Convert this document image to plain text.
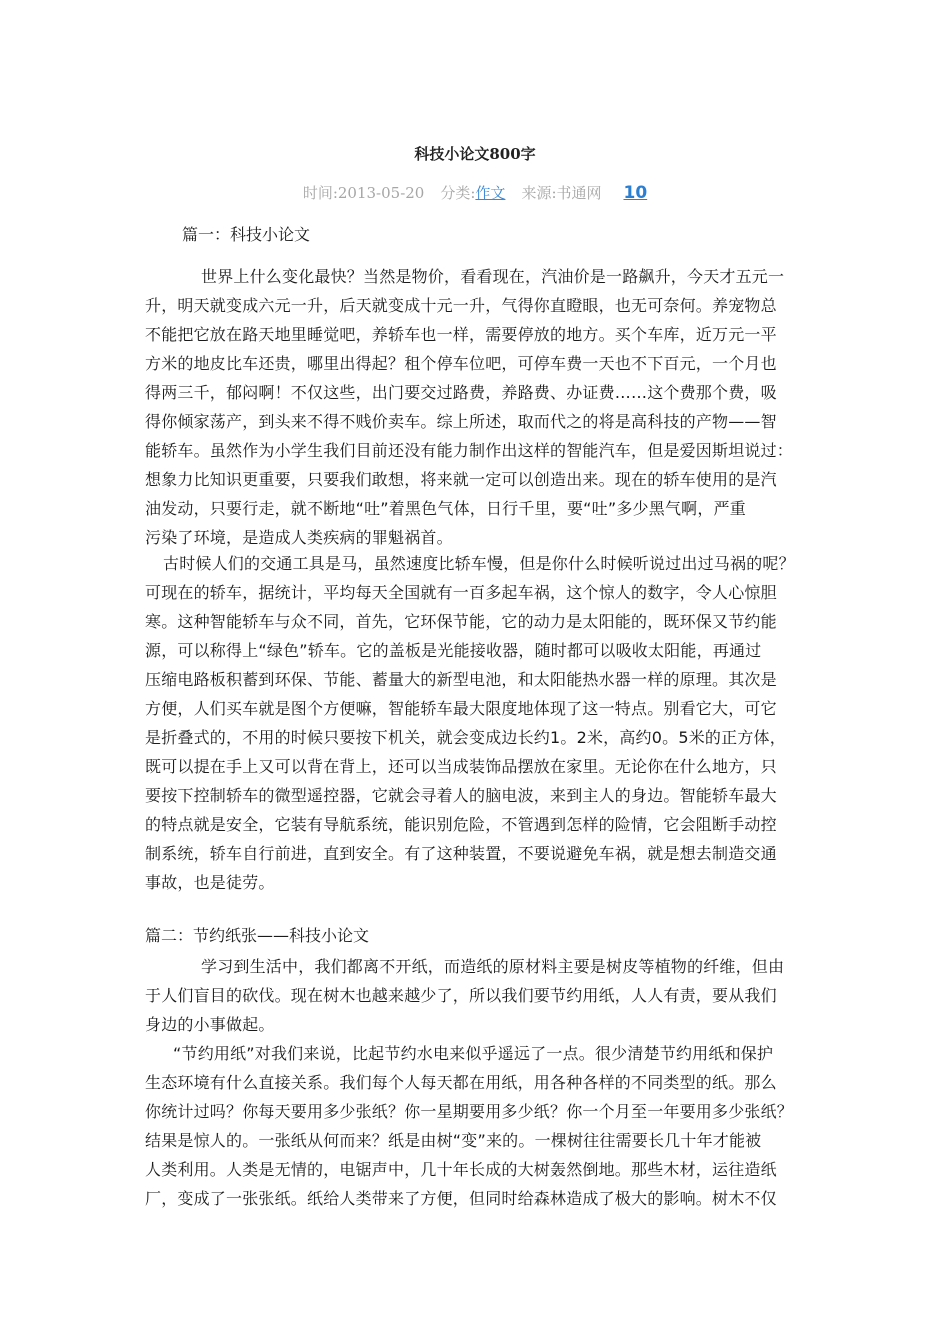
科技小论文800字
时间:2013-05-20 分类:作文 来源:书通网 10
篇一：科技小论文
世界上什么变化最快？当然是物价，看看现在，汽油价是一路飙升，今天才五元一
升，明天就变成六元一升，后天就变成十元一升，气得你直瞪眼，也无可奈何。养宠物总
不能把它放在路天地里睡觉吧，养轿车也一样，需要停放的地方。买个车库，近万元一平
方米的地皮比车还贵，哪里出得起？租个停车位吧，可停车费一天也不下百元，一个月也
得两三千，郁闷啊！不仅这些，出门要交过路费，养路费、办证费……这个费那个费，吸
得你倾家荡产，到头来不得不贱价卖车。综上所述，取而代之的将是高科技的产物——智
能轿车。虽然作为小学生我们目前还没有能力制作出这样的智能汽车，但是爱因斯坦说过：
想象力比知识更重要，只要我们敢想，将来就一定可以创造出来。现在的轿车使用的是汽
油发动，只要行走，就不断地“吐”着黑色气体，日行千里，要“吐”多少黑气啊，严重
污染了环境，是造成人类疾病的罪魁祸首。
古时候人们的交通工具是马，虽然速度比轿车慢，但是你什么时候听说过出过马祸的呢？
可现在的轿车，据统计，平均每天全国就有一百多起车祸，这个惊人的数字，令人心惊胆
寒。这种智能轿车与众不同，首先，它环保节能，它的动力是太阳能的，既环保又节约能
源，可以称得上“绿色”轿车。它的盖板是光能接收器，随时都可以吸收太阳能，再通过
压缩电路板积蓄到环保、节能、蓄量大的新型电池，和太阳能热水器一样的原理。其次是
方便，人们买车就是图个方便嘛，智能轿车最大限度地体现了这一特点。别看它大，可它
是折叠式的，不用的时候只要按下机关，就会变成边长约1。2米，高约0。5米的正方体，
既可以提在手上又可以背在背上，还可以当成装饰品摆放在家里。无论你在什么地方，只
要按下控制轿车的微型遥控器，它就会寻着人的脑电波，来到主人的身边。智能轿车最大
的特点就是安全，它装有导航系统，能识别危险，不管遇到怎样的险情，它会阻断手动控
制系统，轿车自行前进，直到安全。有了这种装置，不要说避免车祸，就是想去制造交通
事故，也是徒劳。
篇二：节约纸张——科技小论文
学习到生活中，我们都离不开纸，而造纸的原材料主要是树皮等植物的纤维，但由
于人们盲目的砍伐。现在树木也越来越少了，所以我们要节约用纸，人人有责，要从我们
身边的小事做起。
“节约用纸”对我们来说，比起节约水电来似乎遥远了一点。很少清楚节约用纸和保护
生态环境有什么直接关系。我们每个人每天都在用纸，用各种各样的不同类型的纸。那么
你统计过吗？你每天要用多少张纸？你一星期要用多少纸？你一个月至一年要用多少张纸？
结果是惊人的。一张纸从何而来？纸是由树“变”来的。一棵树往往需要长几十年才能被
人类利用。人类是无情的，电锯声中，几十年长成的大树轰然倒地。那些木材，运往造纸
厂，变成了一张张纸。纸给人类带来了方便，但同时给森林造成了极大的影响。树木不仅
